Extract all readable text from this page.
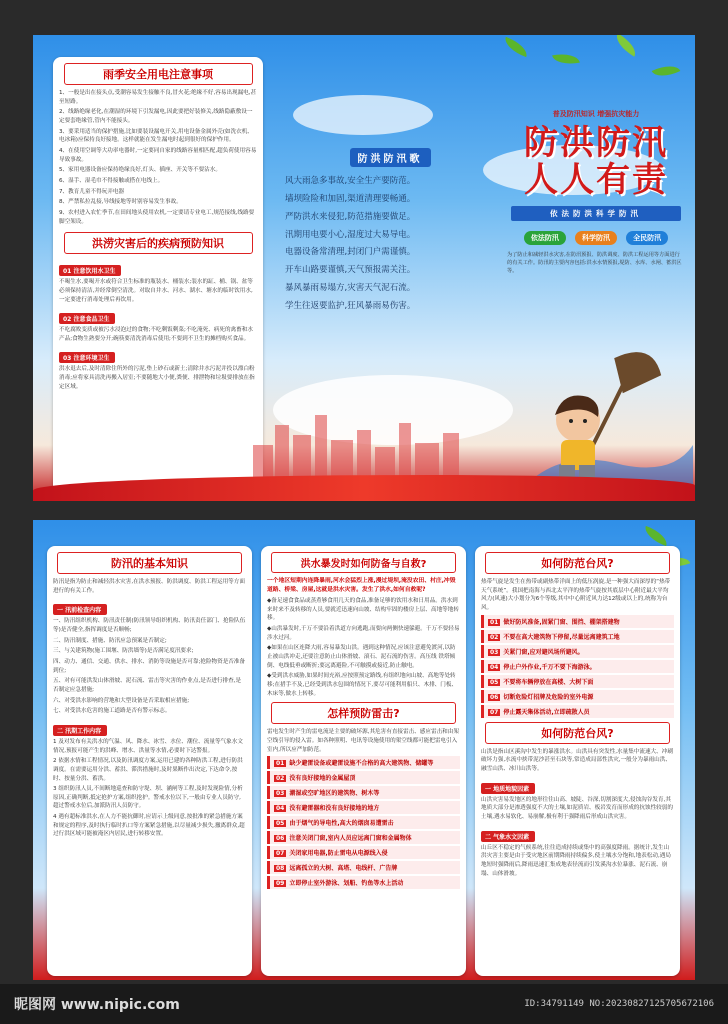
雨季安全用电注意事项
1、一般是出在接头点,受潮容易发生接触不良,冒火花;绝缘不好,容易出现漏电,甚至短路。
2、线路绝缘老化,在潮湿的环境下引发漏电,因此要把好装修关,线路隐蔽敷设一定要套绝缘管,管内不能接头。
3、要采用适当的保护措施,比如要装设漏电开关,用电设备金属外壳(如洗衣机、电冰箱)应保持良好接地。这样就能在发生漏电时起到很好的保护作用。
4、在使用空调等大功率电器时,一定要同自家的线路容量相匹配,超负荷使用容易导致事故。
5、家用电器设备应保持绝缘良好,灯头、插座、开关等不要沾水。
6、湿手、湿毛巾不得接触或搭在电线上。
7、教育儿童不得玩弄电器
8、严禁私拉乱接,导线接地等时别容易发生事故。
9、农村进入农忙季节,在田间地头使用农机,一定要请专业电工,规范接线,线路要脚空架设。
洪涝灾害后的疾病预防知识
01 注意饮用水卫生
不喝生水,要喝开水或符合卫生标准的瓶装水、桶装水;装水的缸、桶、锅、盆等必须保持清洁,并经常倒空清洗。对取自井水、河水、湖水、塘水的临时饮用水,一定要进行消毒处理后再饮用。
02 注意食品卫生
不吃腐败变质或被污水浸泡过的食物;不吃剩饭剩菜;不吃淹死、病死的禽畜和水产品;食物生熟要分开;碗筷要清洗消毒后使用;不要到不卫生的摊档购买食品。
03 注意环境卫生
洪水退去后,及时清除住所外的污泥,垫上砂石或新土;清除井水污泥并投以漂白粉消毒;应将家具清洗再搬入居室;不要随地大小便,粪便、排泄物和垃圾要排放在指定区域。
防洪防汛歌
风大雨急多事故,安全生产要防范。
墙坝险险和加固,渠道清理要畅通。
严防洪水来侵犯,防范措施要做足。
汛期用电要小心,湿度过大易导电。
电器设备常清理,封闭门户需谨慎。
开车山路要谨慎,天气预报需关注。
暴风暴雨易塌方,灾害天气泥石流。
学生往返要监护,狂风暴雨易伤害。
普及防汛知识 增强抗灾能力
防洪防汛
人人有责
依法防洪科学防汛
依法防汛	科学防汛	全民防汛
为了防止和减轻洪水灾害,在防汛预报、防洪调度、防洪工程运用等方面进行的有关工作。防汛的主要内容包括:洪水水情预报,堤防、水库、水闸、蓄洪区等。
防汛的基本知识
防汛是指为防止和减轻洪水灾害,在洪水预报、防洪调度、防洪工程运用等方面进行的有关工作。
一 汛前检查内容
一、防汛组织机构、防汛责任制(防汛领导组织机构、防汛责任部门、抢险队伍等)是否健全,指挥调度是否顺畅;
二、防汛制度、措施、防汛应急预案是否制定;
三、与关建筑物(施工围堰、防洪墙等)是否满足度汛要求;
四、动力、通信、交通、供水、排水、消防等设施是否可靠;抢险物资是否准备到位;
五、对有可能洪发山体滑坡、泥石流、雷击等灾害的作业点,是否进行排查,是否制定应急措施;
六、对受洪水影响的营地和大型设备是否采取相应措施;
七、对受洪水危害的施工道路是否有警示标志。
二 汛期工作内容
1 及对发布有关洪水的气温、风、降水、冰雪、水位、潮位、流量等气象水文情况,预报可能产生的洪峰、增水、洪量等水情,必要时下达警报。
2 依据水情和工程情况,以及防汛调度方案,运用已建的各种防洪工程,进行防洪调度。在需要运用分洪、蓄洪、滞洪措施时,及时果断作出决定,下达命令,按时、按量分洪、蓄洪。
3 组织防汛人员,不间断地巡查和防守堤、坝、涵闸等工程,及时发现险情,分析原因,正确判断,抵定抢护方案,组织抢护。警戒水位以下,一般由专业人员防守,超过警戒水位后,加派防汛人员防守。
4 遇有超标准洪水,在人力不能抗御时,应请示上级同意,按批准的紧急措施方案和规定的程序,及时执行临时扒口等方案紧急措施,以尽量减少损失,撤离群众,超过行洪区域可能被淹区内居民,进行转移安置。
洪水暴发时如何防备与自救?
一个地区短期内连降暴雨,河水会猛烈上涨,漫过堤坝,淹没农田、村庄,冲毁道路、桥梁、房屋,这就是洪水灾害。发生了洪水,如何自救呢?
◆备足速食食品或蒸煮够食用几天的食品,准备足够的饮用水和日用品。洪水到来时来不及转移的人员,要就近迅速向山坡、结构牢固的楼房上层、高地等地转移。
◆山洪暴发时,千万不要沿着洪道方向逃跑,而要向两侧快速躲避。千万不要轻易涉水过河。
◆如果在山区连降大雨,容易暴发山洪。遇到这种情况,应该注意避免渡河,以防止被山洪冲走,还要注意防止山体滑坡、滚石、泥石流的伤害。高压线 铁塔倾倒、电线低垂或断折;要远离避险,不可触摸或接近,防止触电。
◆受到洪水威胁,如果时间充裕,应按照预定路线,有组织地向山坡、高地等处转移;在措手不及,已经受到洪水包围的情况下,要尽可能利用船只、木排、门板、木床等,做水上转移。
怎样预防雷击?
雷电发生时产生的雷电流是主要的破坏源,其危害有直接雷击、感应雷击和由架空线引导的侵入雷。如各种照明、电讯等设施使用的架空线都可能把雷电引入室内,所以应严加防范。
01 缺少避雷设备或避雷设施不合格的高大建筑物、储罐等
02 没有良好接地的金属屋顶
03 潮湿或空旷地区的建筑物、树木等
04 没有避雷器和没有良好接地的地方
05 由于烟气的导电性,高大的烟囱易遭雷击
06 注意关闭门窗,室内人员应远离门窗和金属物体
07 关闭家用电器,防止雷电从电源线入侵
08 远离孤立的大树、高塔、电线杆、广告牌
09 立即停止室外游泳、划船、钓鱼等水上活动
如何防范台风?
热带气旋是发生在热带或副热带洋面上的低压涡旋,是一种强大而深厚的“热带天气系统”。我国把南海与西北太平洋的热带气旋按其底层中心附近最大平均风力(风速)大小划分为6个等级,其中中心附近风力达12级或以上的,统称为台风。
01 做好防风准备,固紧门窗、围挡、棚架搭建物
02 不要在高大建筑物下停留,尽量远离建筑工地
03 关紧门窗,应对避风场所避风。
04 停止户外作业,千万不要下海游泳。
05 不要将车辆停放在高楼、大树下面
06 切断危险灯招牌及危险的室外电源
07 停止露天集体活动,立即疏散人员
如何防范台风?
山洪是指山区溪沟中发生的暴涨洪水。山洪具有突发性,水量集中流速大、冲刷破坏力强,水流中挟带泥沙甚至石块等,常造成局部性洪灾,一般分为暴雨山洪、融雪山洪、冰川山洪等。
一 地质地貌因素
山洪灾害易发地区的地形往往山高、坡陡、谷深,切割深度大,侵蚀沟谷发育,其地质大部分是渗透强度不大的土壤,如泥质岩、板岩发育而形成的抗蚀性较弱的土壤,遇水易软化、易崩解,极有利于强降雨后形成山洪灾害。
二 气象水文因素
山丘区不稳定的气候系统,往往造成持续或集中的高强度降雨。据统计,发生山洪灾害主要是由于受灾地区前期降雨持续偏多,使土壤水分饱和,地表松动,遇局地短时强降雨后,降雨迅速汇集成地表径流而引发溪沟水位暴涨、泥石流、崩塌、山体滑坡。
昵图网 www.nipic.com	ID:34791149 NO:20230827125705672106
